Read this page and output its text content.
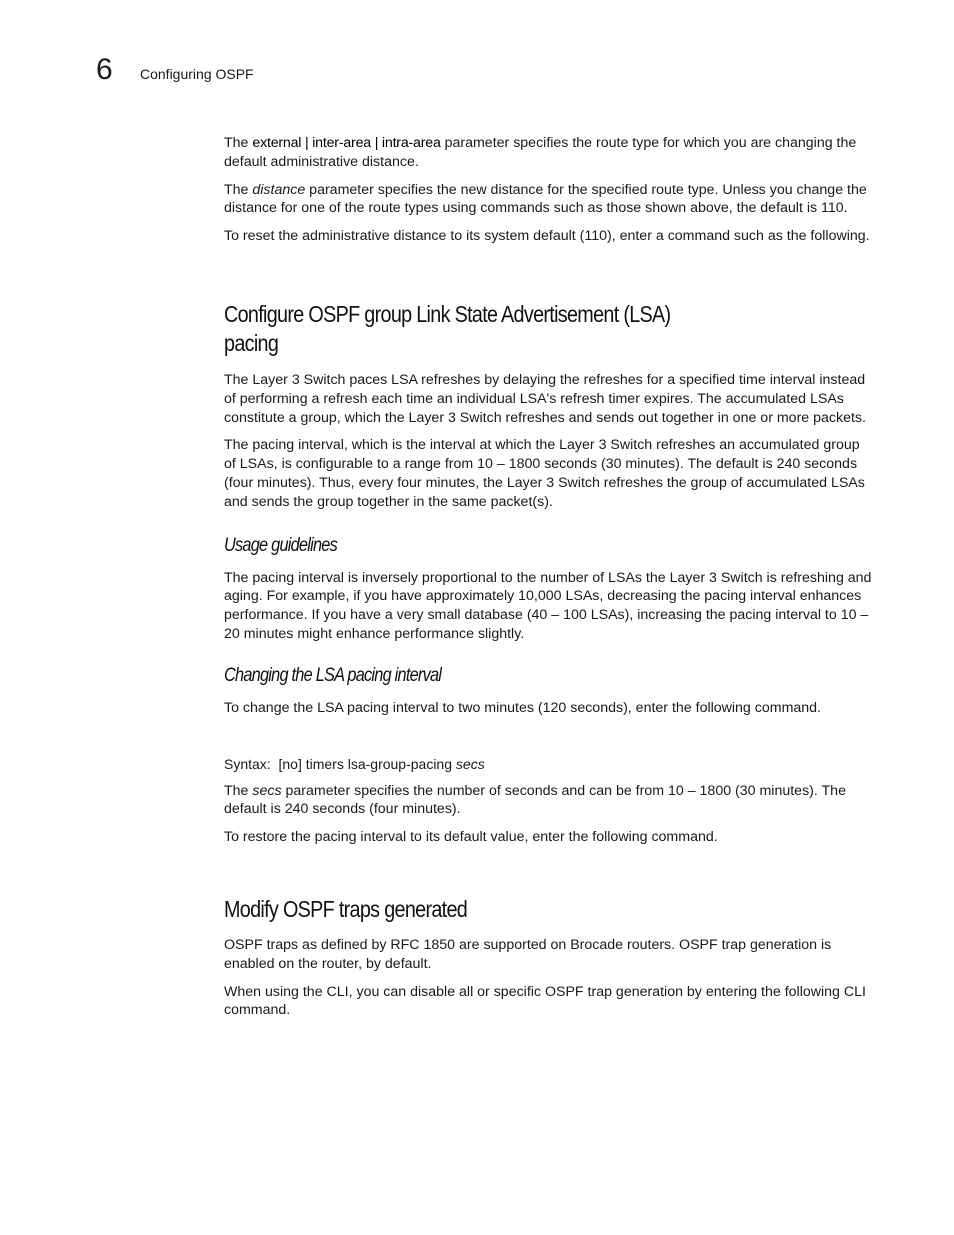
6 Configuring OSPF

The external | inter-area | intra-area parameter specifies the route type for which you are changing the default administrative distance.

The distance parameter specifies the new distance for the specified route type. Unless you change the distance for one of the route types using commands such as those shown above, the default is 110.

To reset the administrative distance to its system default (110), enter a command such as the following.

Configure OSPF group Link State Advertisement (LSA)
pacing

The Layer 3 Switch paces LSA refreshes by delaying the refreshes for a specified time interval instead of performing a refresh each time an individual LSA's refresh timer expires. The accumulated LSAs constitute a group, which the Layer 3 Switch refreshes and sends out together in one or more packets.

The pacing interval, which is the interval at which the Layer 3 Switch refreshes an accumulated group of LSAs, is configurable to a range from 10 – 1800 seconds (30 minutes). The default is 240 seconds (four minutes). Thus, every four minutes, the Layer 3 Switch refreshes the group of accumulated LSAs and sends the group together in the same packet(s).

Usage guidelines

The pacing interval is inversely proportional to the number of LSAs the Layer 3 Switch is refreshing and aging. For example, if you have approximately 10,000 LSAs, decreasing the pacing interval enhances performance. If you have a very small database (40 – 100 LSAs), increasing the pacing interval to 10 – 20 minutes might enhance performance slightly.

Changing the LSA pacing interval

To change the LSA pacing interval to two minutes (120 seconds), enter the following command.

Syntax: [no] timers lsa-group-pacing secs

The secs parameter specifies the number of seconds and can be from 10 – 1800 (30 minutes). The default is 240 seconds (four minutes).

To restore the pacing interval to its default value, enter the following command.

Modify OSPF traps generated

OSPF traps as defined by RFC 1850 are supported on Brocade routers. OSPF trap generation is enabled on the router, by default.

When using the CLI, you can disable all or specific OSPF trap generation by entering the following CLI command.
